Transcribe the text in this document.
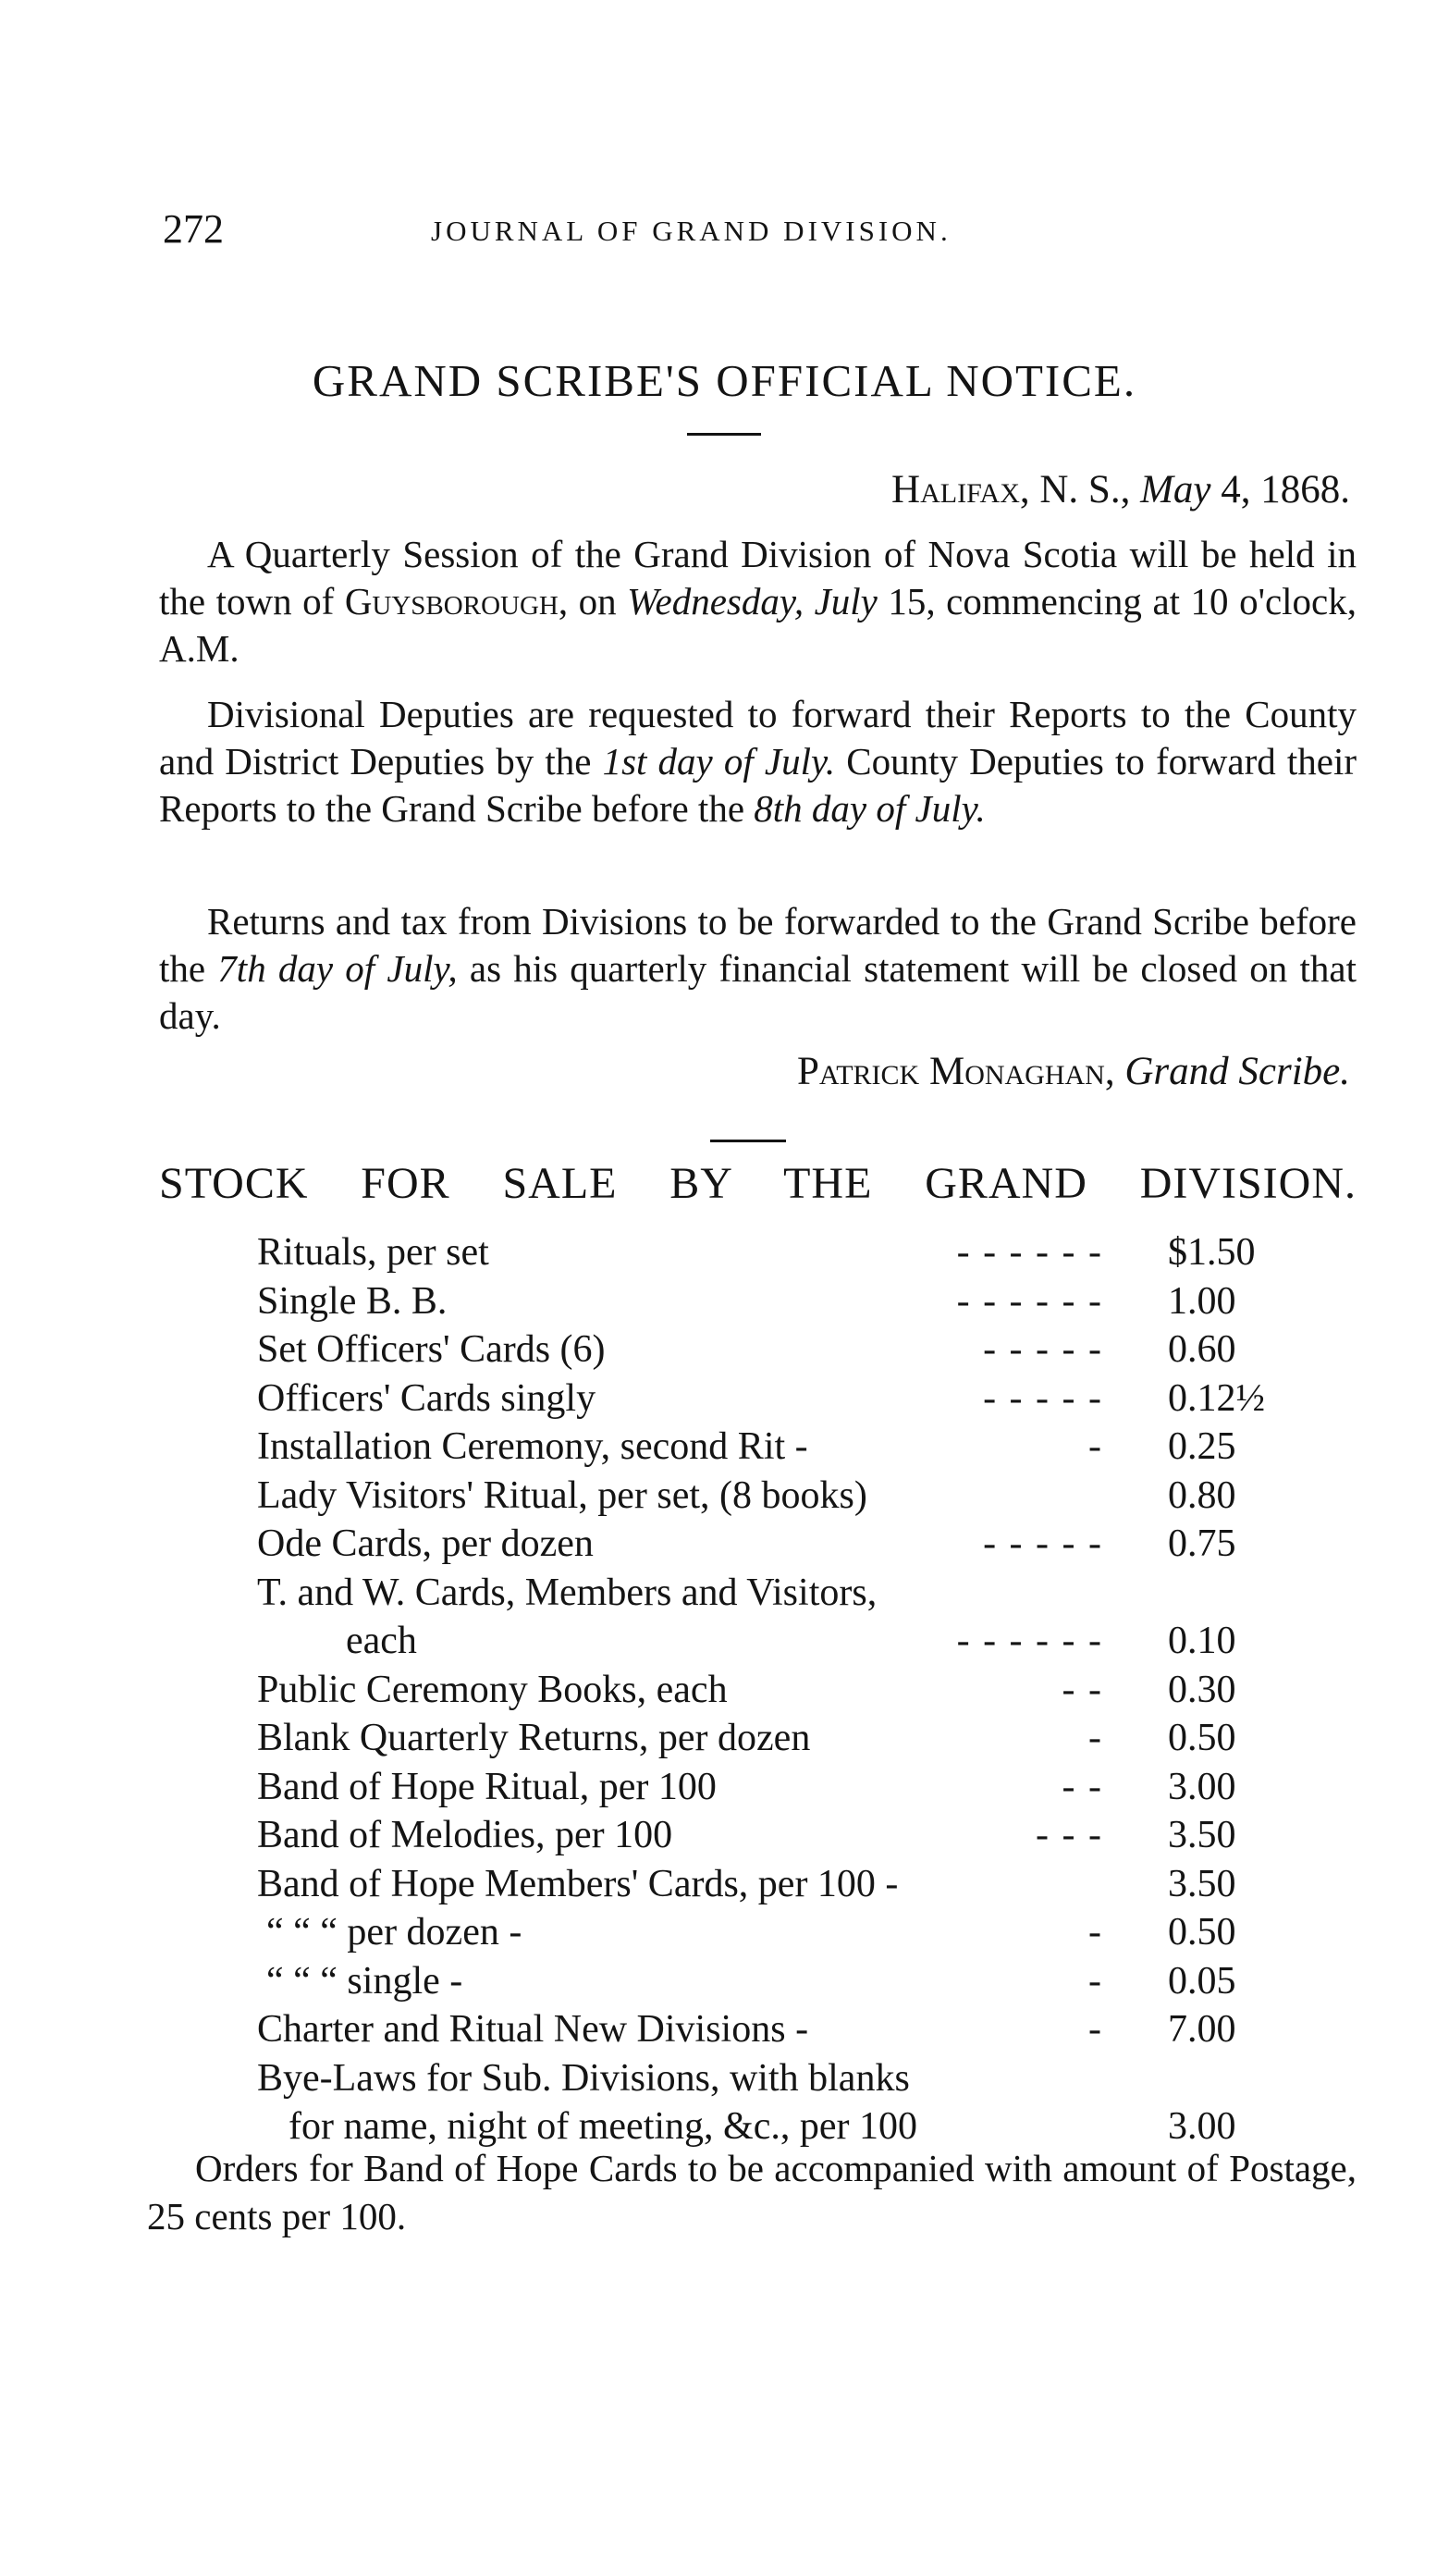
272	JOURNAL OF GRAND DIVISION.
GRAND SCRIBE'S OFFICIAL NOTICE.
Halifax, N. S., May 4, 1868.

A Quarterly Session of the Grand Division of Nova Scotia will be held in the town of Guysborough, on Wednesday, July 15, commencing at 10 o'clock, A.M.

Divisional Deputies are requested to forward their Reports to the County and District Deputies by the 1st day of July. County Deputies to forward their Reports to the Grand Scribe before the 8th day of July.

Returns and tax from Divisions to be forwarded to the Grand Scribe before the 7th day of July, as his quarterly financial statement will be closed on that day.

Patrick Monaghan, Grand Scribe.
STOCK FOR SALE BY THE GRAND DIVISION.
Rituals, per set	- - - - - - $1.50
Single B. B.	- - - - - - 1.00
Set Officers' Cards (6)	- - - - - 0.60
Officers' Cards singly	- - - - - 0.12½
Installation Ceremony, second Rit -	- 0.25
Lady Visitors' Ritual, per set, (8 books)	0.80
Ode Cards, per dozen	- - - - - 0.75
T. and W. Cards, Members and Visitors,
each	- - - - - - 0.10
Public Ceremony Books, each	- - 0.30
Blank Quarterly Returns, per dozen	- 0.50
Band of Hope Ritual, per 100	- - 3.00
Band of Melodies, per 100	- - - 3.50
Band of Hope Members' Cards, per 100 -	3.50
“ “ “ per dozen -	- 0.50
“ “ “ single -	- 0.05
Charter and Ritual New Divisions -	- 7.00
Bye-Laws for Sub. Divisions, with blanks
for name, night of meeting, &c., per 100	3.00

Orders for Band of Hope Cards to be accompanied with amount of Postage, 25 cents per 100.
